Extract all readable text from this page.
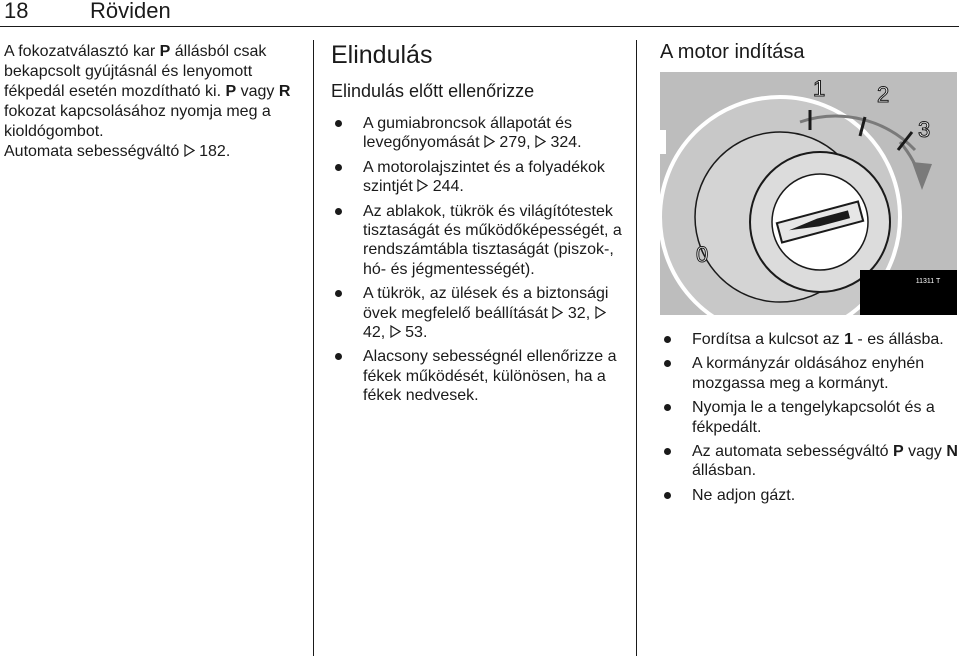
18	Röviden

A fokozatválasztó kar P állásból csak bekapcsolt gyújtásnál és lenyomott fékpedál esetén mozdítható ki. P vagy R fokozat kapcsolásához nyomja meg a kioldógombot.

Automata sebességváltó 182.

Elindulás
Elindulás előtt ellenőrizze
A gumiabroncsok állapotát és levegőnyomását 279, 324.
A motorolajszintet és a folyadékok szintjét 244.
Az ablakok, tükrök és világítótestek tisztaságát és működőképességét, a rendszámtábla tisztaságát (piszok-, hó- és jégmentességét).
A tükrök, az ülések és a biztonsági övek megfelelő beállítását 32,  42, 53.
Alacsony sebességnél ellenőrizze a fékek működését, különösen, ha a fékek nedvesek.
A motor indítása
0
1 2
3
11311 T
Fordítsa a kulcsot az 1 - es állásba.
A kormányzár oldásához enyhén mozgassa meg a kormányt.
Nyomja le a tengelykapcsolót és a fékpedált.
Az automata sebességváltó P vagy N állásban.
Ne adjon gázt.
